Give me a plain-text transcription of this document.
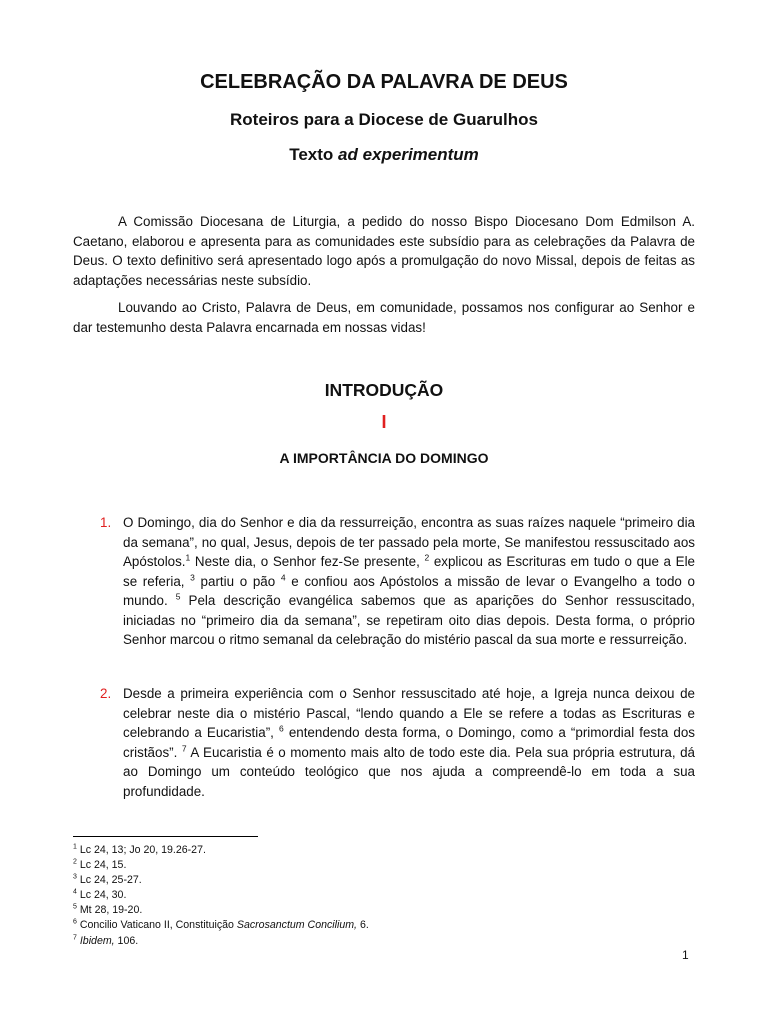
CELEBRAÇÃO DA PALAVRA DE DEUS
Roteiros para a Diocese de Guarulhos
Texto ad experimentum

A Comissão Diocesana de Liturgia, a pedido do nosso Bispo Diocesano Dom Edmilson A. Caetano, elaborou e apresenta para as comunidades este subsídio para as celebrações da Palavra de Deus. O texto definitivo será apresentado logo após a promulgação do novo Missal, depois de feitas as adaptações necessárias neste subsídio.

Louvando ao Cristo, Palavra de Deus, em comunidade, possamos nos configurar ao Senhor e dar testemunho desta Palavra encarnada em nossas vidas!

INTRODUÇÃO
I
A IMPORTÂNCIA DO DOMINGO
1. O Domingo, dia do Senhor e dia da ressurreição, encontra as suas raízes naquele “primeiro dia da semana”, no qual, Jesus, depois de ter passado pela morte, Se manifestou ressuscitado aos Apóstolos.$^1$ Neste dia, o Senhor fez-Se presente, $^2$ explicou as Escrituras em tudo o que a Ele se referia, $^3$ partiu o pão $^4$ e confiou aos Apóstolos a missão de levar o Evangelho a todo o mundo. $^5$ Pela descrição evangélica sabemos que as aparições do Senhor ressuscitado, iniciadas no “primeiro dia da semana”, se repetiram oito dias depois. Desta forma, o próprio Senhor marcou o ritmo semanal da celebração do mistério pascal da sua morte e ressurreição.

2. Desde a primeira experiência com o Senhor ressuscitado até hoje, a Igreja nunca deixou de celebrar neste dia o mistério Pascal, “lendo quando a Ele se refere a todas as Escrituras e celebrando a Eucaristia”, $^6$ entendendo desta forma, o Domingo, como a “primordial festa dos cristãos”. $^7$ A Eucaristia é o momento mais alto de todo este dia. Pela sua própria estrutura, dá ao Domingo um conteúdo teológico que nos ajuda a compreendê-lo em toda a sua profundidade.

$^1$ Lc 24, 13; Jo 20, 19.26-27.
$^2$ Lc 24, 15.
$^3$ Lc 24, 25-27.
$^4$ Lc 24, 30.
$^5$ Mt 28, 19-20.
$^6$ Concilio Vaticano II, Constituição Sacrosanctum Concilium, 6.
$^7$ Ibidem, 106.
1
